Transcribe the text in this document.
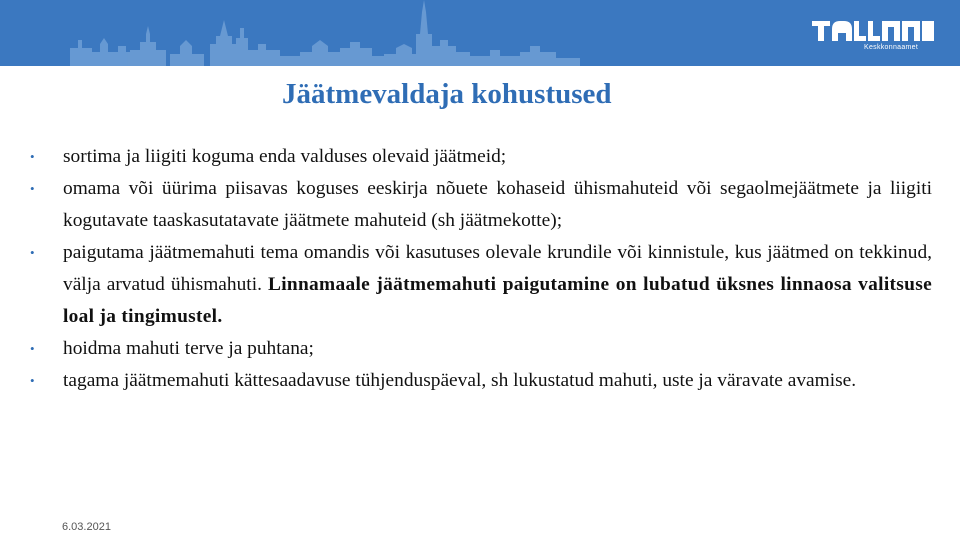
Keskkonnaamet
Jäätmevaldaja kohustused
• sortima ja liigiti koguma enda valduses olevaid jäätmeid;
• omama või üürima piisavas koguses eeskirja nõuete kohaseid ühismahuteid või segaolmejäätmete ja liigiti kogutavate taaskasutatavate jäätmete mahuteid (sh jäätmekotte);
• paigutama jäätmemahuti tema omandis või kasutuses olevale krundile või kinnistule, kus jäätmed on tekkinud, välja arvatud ühismahuti. Linnamaale jäätmemahuti paigutamine on lubatud üksnes linnaosa valitsuse loal ja tingimustel.
• hoidma mahuti terve ja puhtana;
• tagama jäätmemahuti kättesaadavuse tühjenduspäeval, sh lukustatud mahuti, uste ja väravate avamise.
6.03.2021
